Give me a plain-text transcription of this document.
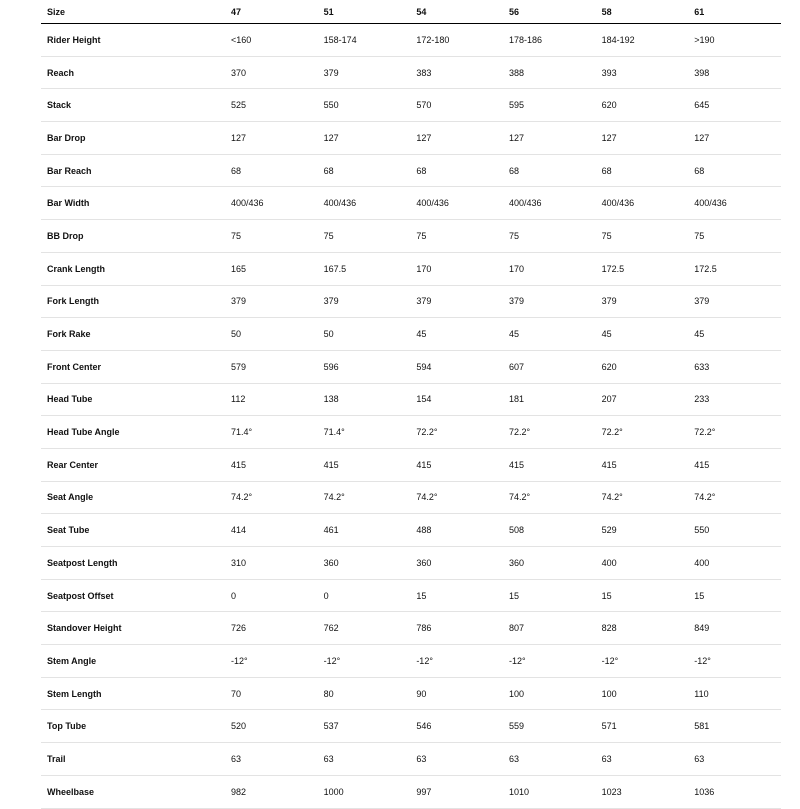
Size	47	51	54	56	58	61
Rider Height	<160	158-174	172-180	178-186	184-192	>190
Reach	370	379	383	388	393	398
Stack	525	550	570	595	620	645
Bar Drop	127	127	127	127	127	127
Bar Reach	68	68	68	68	68	68
Bar Width	400/436	400/436	400/436	400/436	400/436	400/436
BB Drop	75	75	75	75	75	75
Crank Length	165	167.5	170	170	172.5	172.5
Fork Length	379	379	379	379	379	379
Fork Rake	50	50	45	45	45	45
Front Center	579	596	594	607	620	633
Head Tube	112	138	154	181	207	233
Head Tube Angle	71.4°	71.4°	72.2°	72.2°	72.2°	72.2°
Rear Center	415	415	415	415	415	415
Seat Angle	74.2°	74.2°	74.2°	74.2°	74.2°	74.2°
Seat Tube	414	461	488	508	529	550
Seatpost Length	310	360	360	360	400	400
Seatpost Offset	0	0	15	15	15	15
Standover Height	726	762	786	807	828	849
Stem Angle	-12°	-12°	-12°	-12°	-12°	-12°
Stem Length	70	80	90	100	100	110
Top Tube	520	537	546	559	571	581
Trail	63	63	63	63	63	63
Wheelbase	982	1000	997	1010	1023	1036
